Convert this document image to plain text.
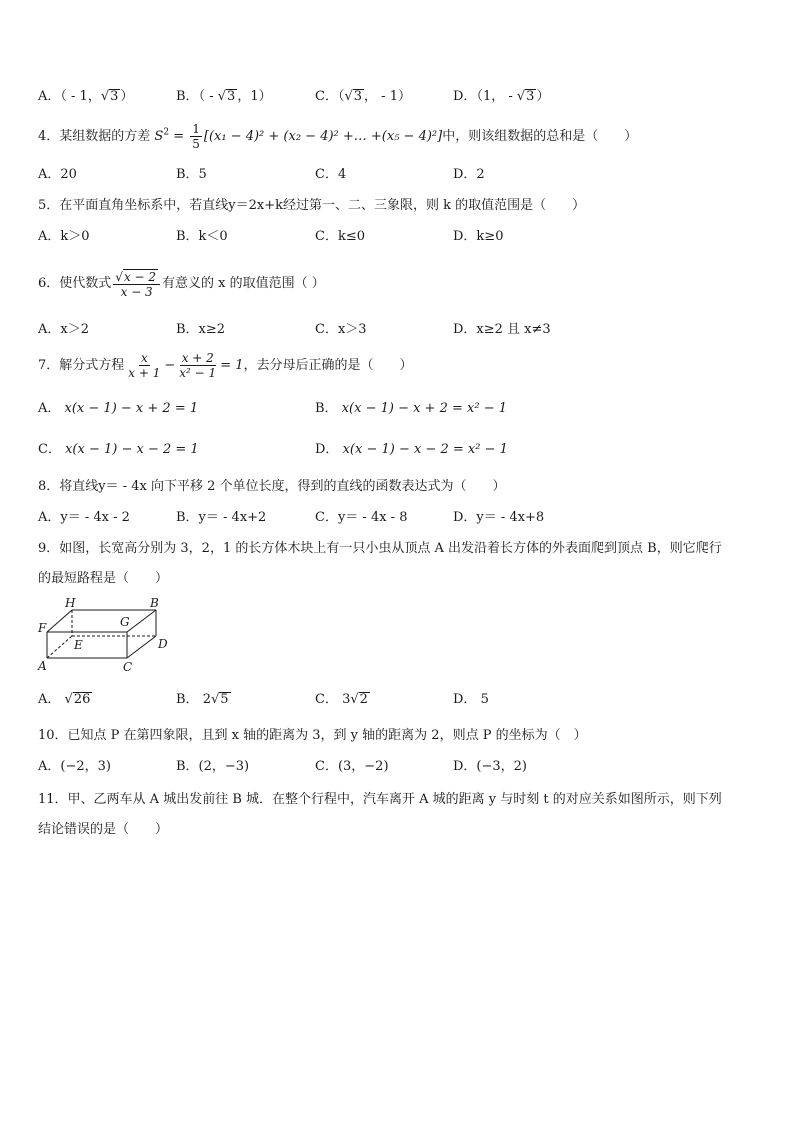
A．（ - 1，√3 ）	B．（ - √3 ，1）	C．（√3 ， - 1）	D．（1， - √3 ）
4．某组数据的方差 $S^2 = \frac{1}{5} [(x_1 - 4)^2 + (x_2 - 4)^2$ +… +(x₅ − 4)²]中，则该组数据的总和是（　　）
A．20	B．5	C．4	D．2
5．在平面直角坐标系中，若直线y＝2x+k经过第一、二、三象限，则 k 的取值范围是（　　）
A．k＞0	B．k＜0	C．k≤0	D．k≥0
6．使代数式 $\frac{√x - 2}{x - 3}$ 有意义的 x 的取值范围（ ）
A．x＞2	B．x≥2	C．x＞3	D．x≥2 且 x≠3
7．解分式方程 $\frac{x}{x + 1} - \frac{x + 2}{\text{x² − 1}} = 1$，去分母后正确的是（　　）
A． x(x − 1) − x + 2 = 1	B． x(x − 1) − x + 2 = x² − 1
C． x(x − 1) − x − 2 = 1	D． x(x − 1) − x − 2 = x² − 1
8．将直线y＝ - 4x 向下平移 2 个单位长度，得到的直线的函数表达式为（　　）
A．y＝ - 4x - 2	B．y＝ - 4x+2	C．y＝ - 4x - 8	D．y＝ - 4x+8
9．如图，长宽高分别为 3，2，1 的长方体木块上有一只小虫从顶点 A 出发沿着长方体的外表面爬到顶点 B，则它爬行
的最短路程是（　　）
H	B
G
F
E	D
A	C
A． √26	B． 2√5	C． 3√2	D． 5
10．已知点 P 在第四象限，且到 x 轴的距离为 3，到 y 轴的距离为 2，则点 P 的坐标为（　）
A．(−2，3)	B．(2，−3)	C．(3，−2)	D．(−3，2)
11．甲、乙两车从 A 城出发前往 B 城．在整个行程中，汽车离开 A 城的距离 y 与时刻 t 的对应关系如图所示，则下列
结论错误的是（　　）
